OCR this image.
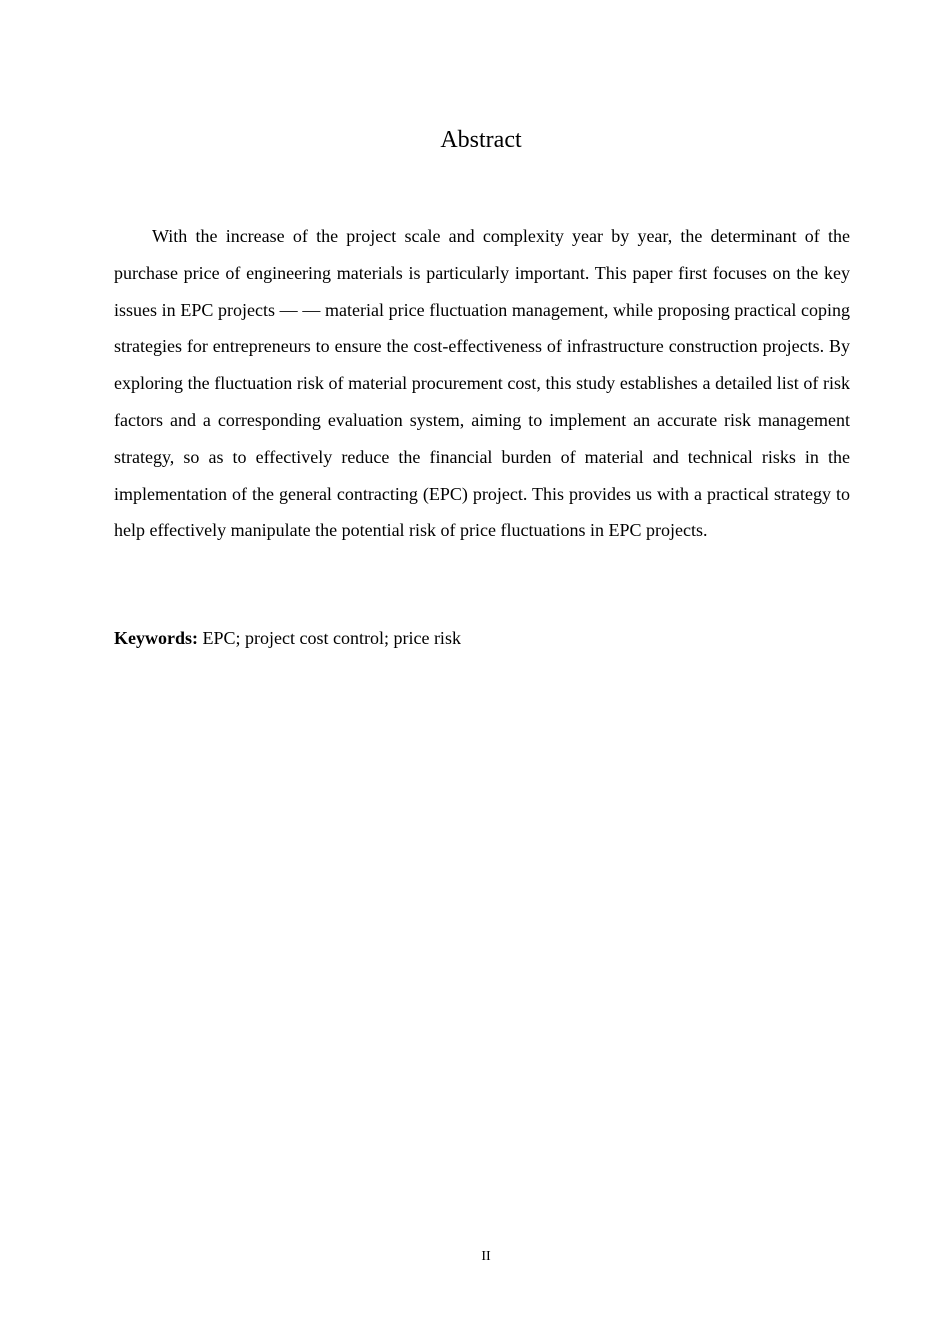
Abstract

With the increase of the project scale and complexity year by year, the determinant of the purchase price of engineering materials is particularly important. This paper first focuses on the key issues in EPC projects — — material price fluctuation management, while proposing practical coping strategies for entrepreneurs to ensure the cost-effectiveness of infrastructure construction projects. By exploring the fluctuation risk of material procurement cost, this study establishes a detailed list of risk factors and a corresponding evaluation system, aiming to implement an accurate risk management strategy, so as to effectively reduce the financial burden of material and technical risks in the implementation of the general contracting (EPC) project. This provides us with a practical strategy to help effectively manipulate the potential risk of price fluctuations in EPC projects.

Keywords: EPC; project cost control; price risk

II
